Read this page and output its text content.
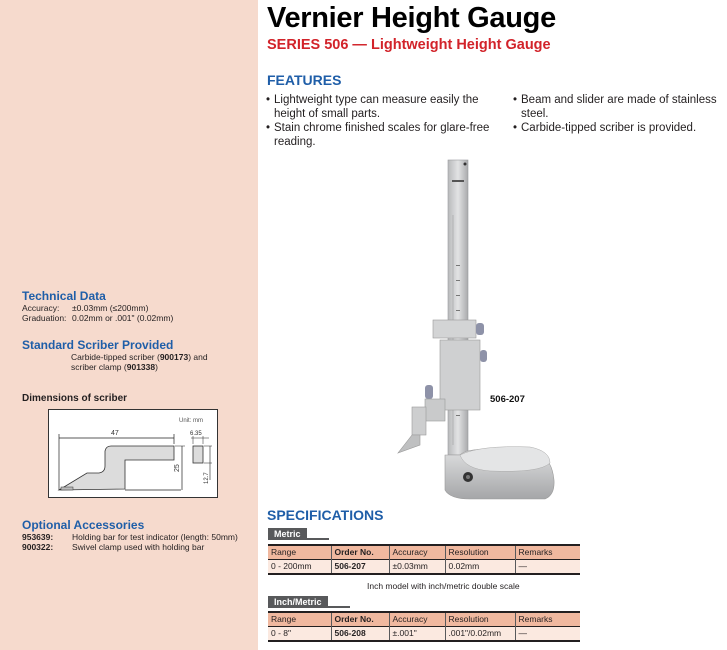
Technical Data
Accuracy:	±0.03mm (≤200mm)
Graduation: 0.02mm or .001" (0.02mm)
Standard Scriber Provided

Carbide-tipped scriber (900173) and scriber clamp (901338)

Dimensions of scriber
Unit: mm
47
25
6.35
12.7
Optional Accessories
953639:	Holding bar for test indicator (length: 50mm)
900322:	Swivel clamp used with holding bar
Vernier Height Gauge
SERIES 506 — Lightweight Height Gauge
FEATURES
• Lightweight type can measure easily the height of small parts.
• Stain chrome finished scales for glare-free reading.
• Beam and slider are made of stainless steel.
• Carbide-tipped scriber is provided.
506-207
SPECIFICATIONS
Metric
Range	Order No.	Accuracy	Resolution	Remarks
0 - 200mm	506-207	±0.03mm	0.02mm	—
Inch model with inch/metric double scale
Inch/Metric
Range	Order No.	Accuracy	Resolution	Remarks
0 - 8"	506-208	±.001"	.001"/0.02mm	—
